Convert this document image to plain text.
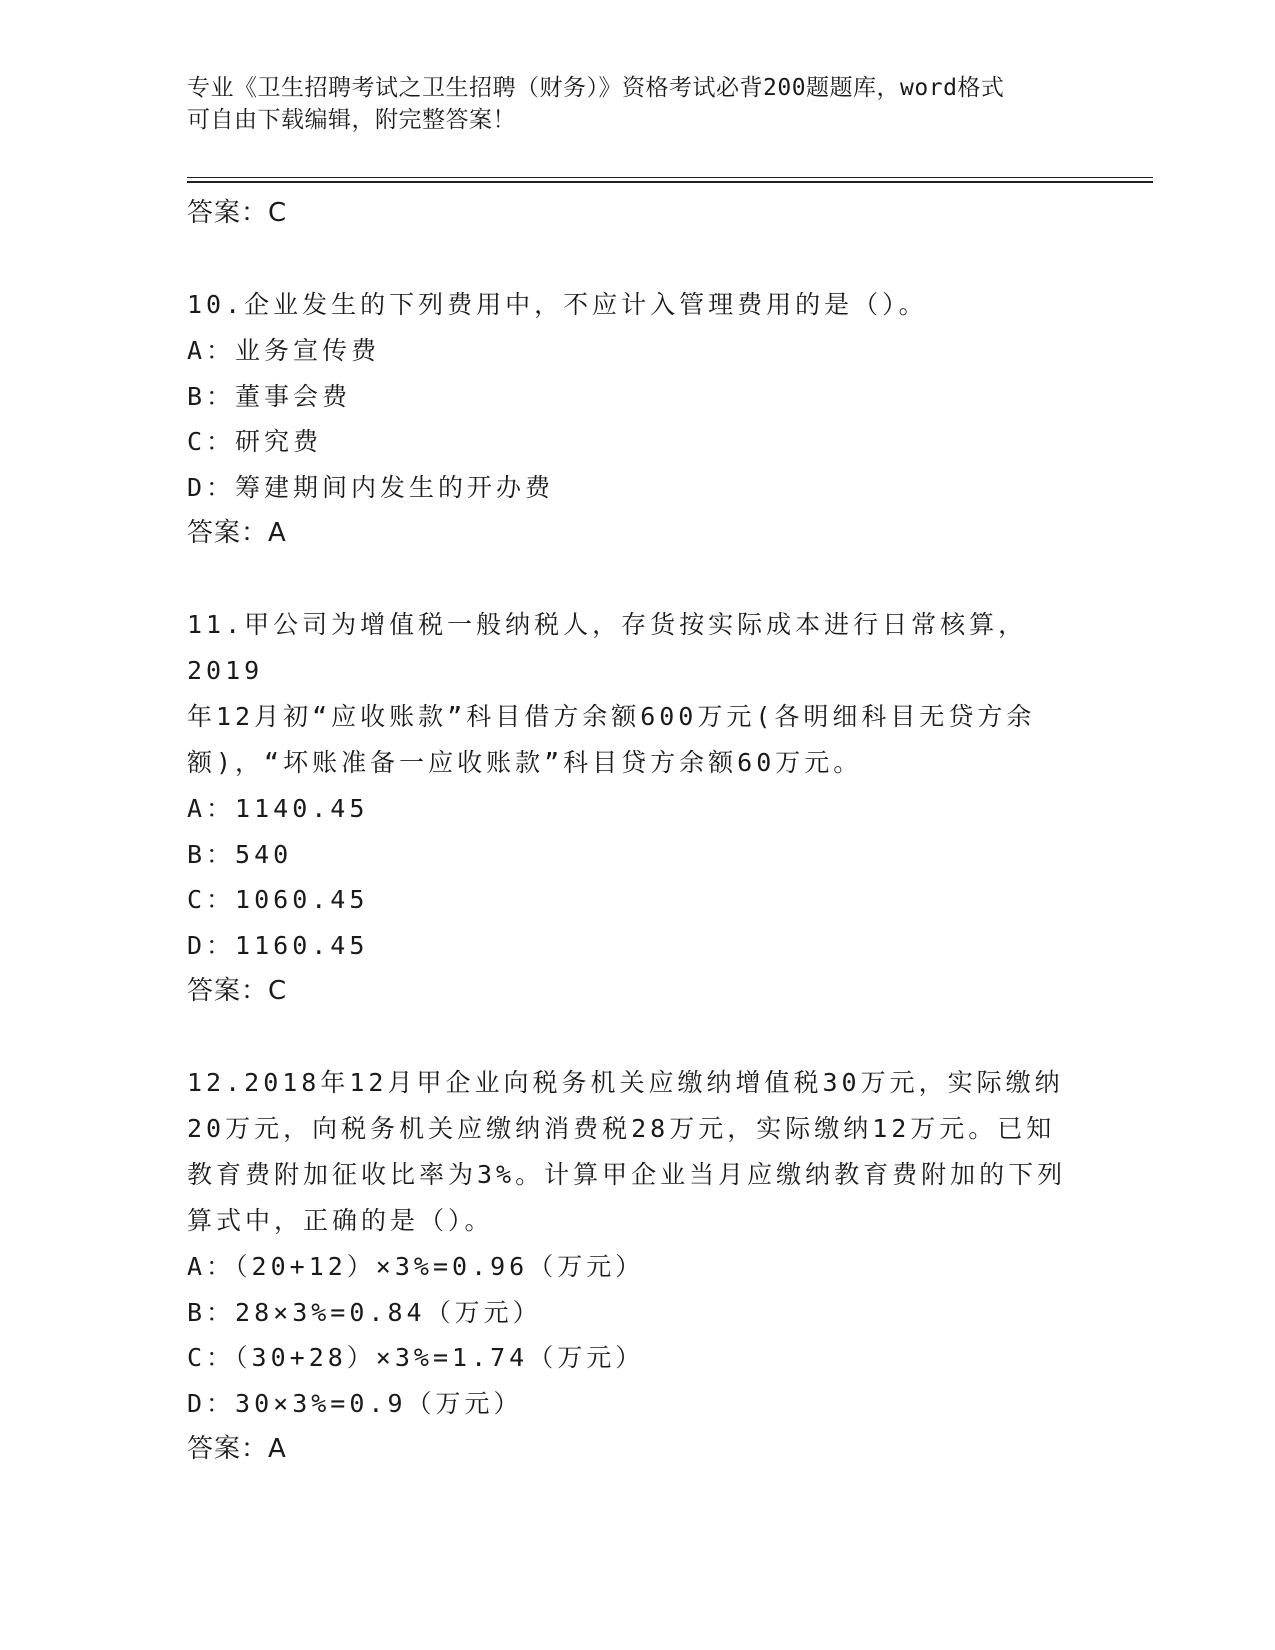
专业《卫生招聘考试之卫生招聘（财务）》资格考试必背200题题库，word格式
可自由下载编辑，附完整答案！
答案：C
10.企业发生的下列费用中，不应计入管理费用的是（）。
A：业务宣传费
B：董事会费
C：研究费
D：筹建期间内发生的开办费
答案：A
11.甲公司为增值税一般纳税人，存货按实际成本进行日常核算，2019
年12月初“应收账款”科目借方余额600万元(各明细科目无贷方余
额)，“坏账准备一应收账款”科目贷方余额60万元。
A：1140.45
B：540
C：1060.45
D：1160.45
答案：C
12.2018年12月甲企业向税务机关应缴纳增值税30万元，实际缴纳
20万元，向税务机关应缴纳消费税28万元，实际缴纳12万元。已知
教育费附加征收比率为3%。计算甲企业当月应缴纳教育费附加的下列
算式中，正确的是（）。
A：（20+12）×3%=0.96（万元）
B：28×3%=0.84（万元）
C：（30+28）×3%=1.74（万元）
D：30×3%=0.9（万元）
答案：A
